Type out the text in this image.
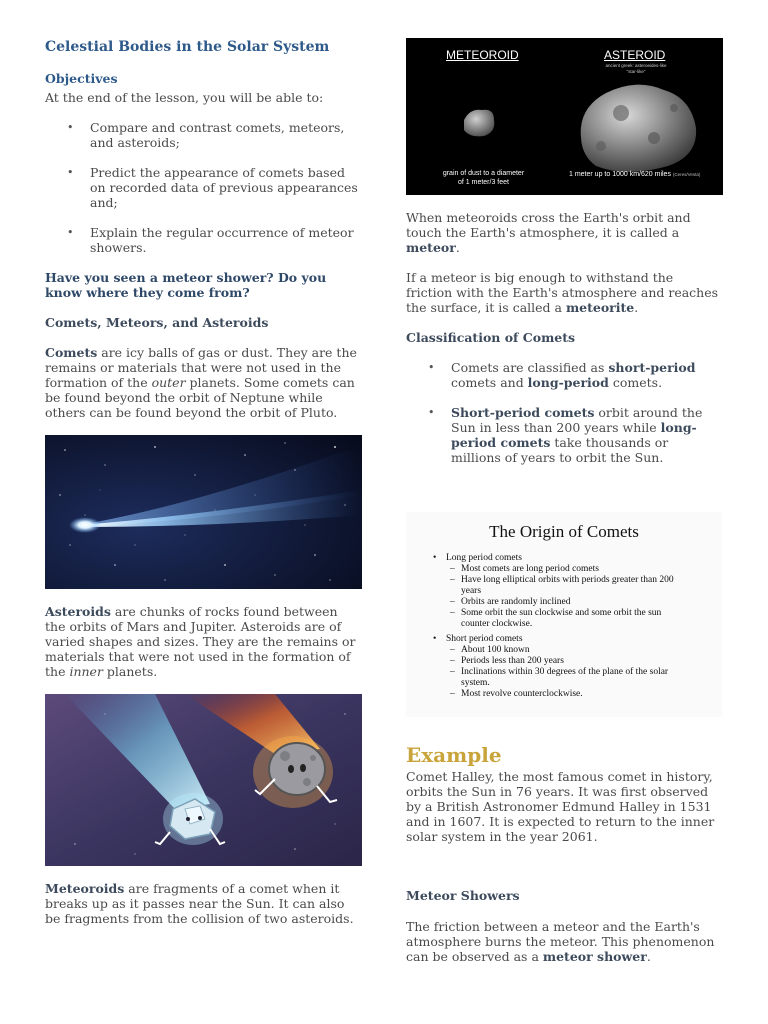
Celestial Bodies in the Solar System
Objectives

At the end of the lesson, you will be able to:

• Compare and contrast comets, meteors, and asteroids;
• Predict the appearance of comets based on recorded data of previous appearances and;
• Explain the regular occurrence of meteor showers.

Have you seen a meteor shower? Do you know where they come from?

Comets, Meteors, and Asteroids

Comets are icy balls of gas or dust. They are the remains or materials that were not used in the formation of the outer planets. Some comets can be found beyond the orbit of Neptune while others can be found beyond the orbit of Pluto.

Asteroids are chunks of rocks found between the orbits of Mars and Jupiter. Asteroids are of varied shapes and sizes. They are the remains or materials that were not used in the formation of the inner planets.

Meteoroids are fragments of a comet when it breaks up as it passes near the Sun. It can also be fragments from the collision of two asteroids.

METEOROID	ASTEROID
ancient greek: asteroeides-like
"star-like"
grain of dust to a diameter
of 1 meter/3 feet
1 meter up to 1000 km/620 miles (Ceres/Vesta)

When meteoroids cross the Earth's orbit and touch the Earth's atmosphere, it is called a meteor.

If a meteor is big enough to withstand the friction with the Earth's atmosphere and reaches the surface, it is called a meteorite.

Classification of Comets
• Comets are classified as short-period comets and long-period comets.
• Short-period comets orbit around the Sun in less than 200 years while long-period comets take thousands or millions of years to orbit the Sun.
The Origin of Comets
• Long period comets
– Most comets are long period comets
– Have long elliptical orbits with periods greater than 200
years
– Orbits are randomly inclined
– Some orbit the sun clockwise and some orbit the sun
counter clockwise.
• Short period comets
– About 100 known
– Periods less than 200 years
– Inclinations within 30 degrees of the plane of the solar
system.
– Most revolve counterclockwise.
Example

Comet Halley, the most famous comet in history, orbits the Sun in 76 years. It was first observed by a British Astronomer Edmund Halley in 1531 and in 1607. It is expected to return to the inner solar system in the year 2061.

Meteor Showers

The friction between a meteor and the Earth's atmosphere burns the meteor. This phenomenon can be observed as a meteor shower.
